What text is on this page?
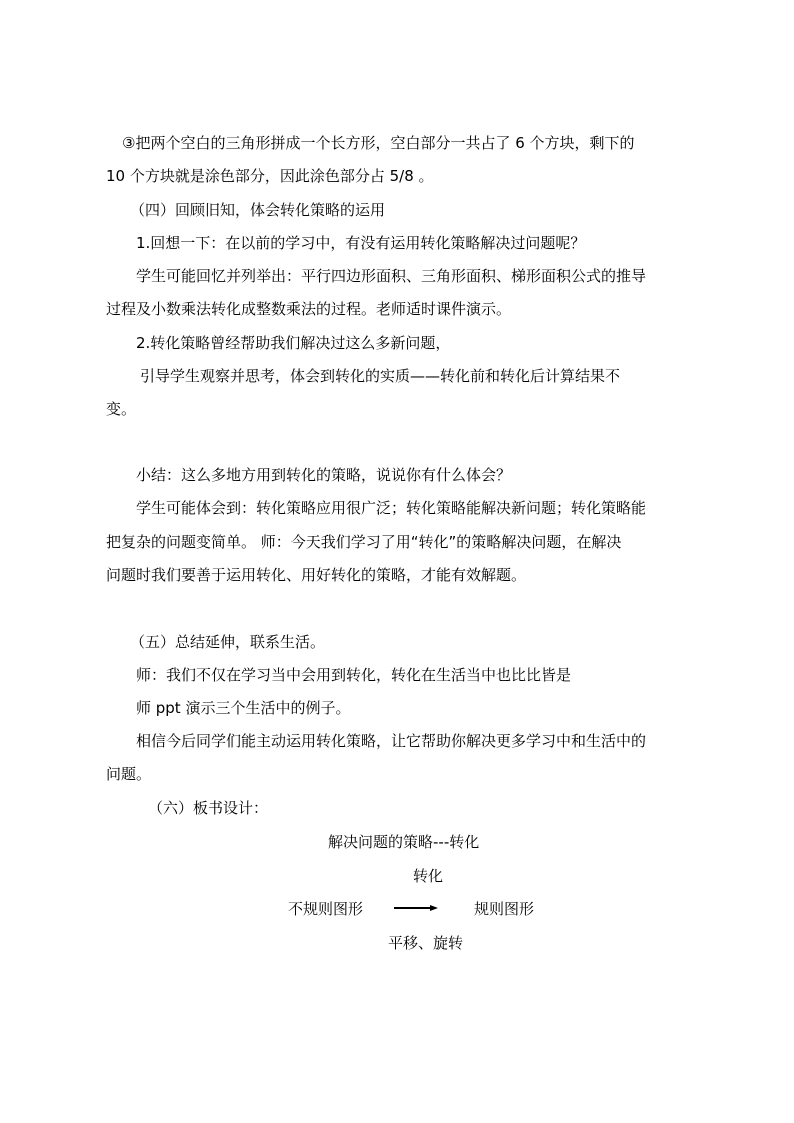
③把两个空白的三角形拼成一个长方形，空白部分一共占了 6 个方块，剩下的
10 个方块就是涂色部分，因此涂色部分占 5/8 。
（四）回顾旧知，体会转化策略的运用
1.回想一下：在以前的学习中，有没有运用转化策略解决过问题呢？
学生可能回忆并列举出：平行四边形面积、三角形面积、梯形面积公式的推导
过程及小数乘法转化成整数乘法的过程。老师适时课件演示。
2.转化策略曾经帮助我们解决过这么多新问题，
引导学生观察并思考，体会到转化的实质——转化前和转化后计算结果不
变。
小结：这么多地方用到转化的策略，说说你有什么体会？
学生可能体会到：转化策略应用很广泛；转化策略能解决新问题；转化策略能
把复杂的问题变简单。 师：今天我们学习了用“转化”的策略解决问题，在解决
问题时我们要善于运用转化、用好转化的策略，才能有效解题。
（五）总结延伸，联系生活。
师：我们不仅在学习当中会用到转化，转化在生活当中也比比皆是
师 ppt 演示三个生活中的例子。
相信今后同学们能主动运用转化策略，让它帮助你解决更多学习中和生活中的
问题。
（六）板书设计：
解决问题的策略---转化
转化
不规则图形	规则图形
平移、旋转
